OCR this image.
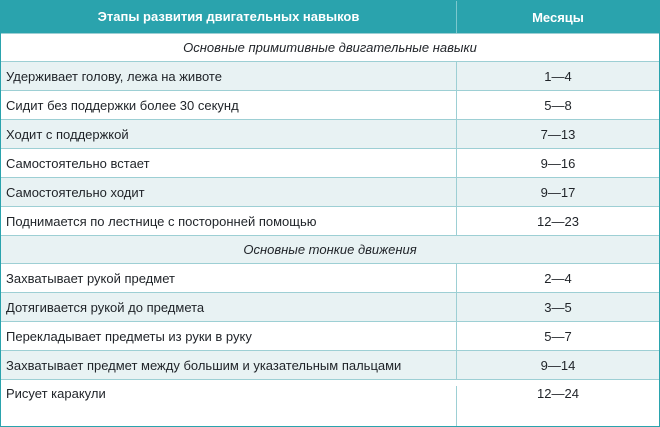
Этапы развития двигательных навыков	Месяцы
Основные примитивные двигательные навыки
Удерживает голову, лежа на животе	1—4
Сидит без поддержки более 30 секунд	5—8
Ходит с поддержкой	7—13
Самостоятельно встает	9—16
Самостоятельно ходит	9—17
Поднимается по лестнице с посторонней помощью	12—23
Основные тонкие движения
Захватывает рукой предмет	2—4
Дотягивается рукой до предмета	3—5
Перекладывает предметы из руки в руку	5—7
Захватывает предмет между большим и указательным пальцами	9—14
Рисует каракули	12—24
